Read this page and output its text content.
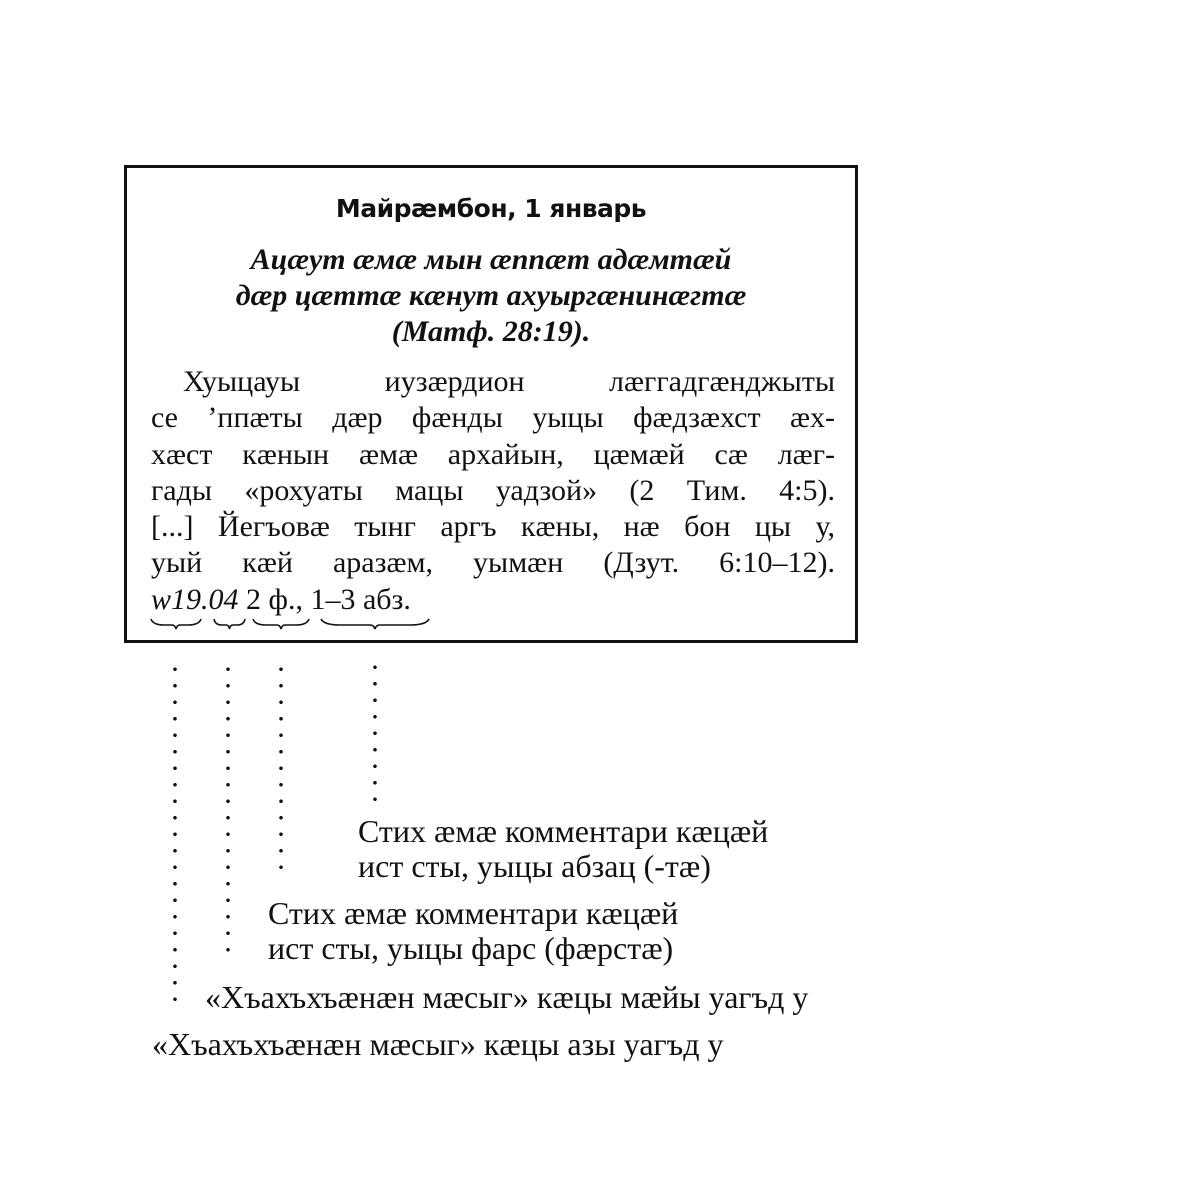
Майрæмбон, 1 январь
Ацæут æмæ мын æппæт адæмтæй
дæр цæттæ кæнут ахуыргæнинæгтæ
(Матф. 28:19).
Хуыцауы иузæрдион лæггадгæнджыты
се ’ппæты дæр фæнды уыцы фæдзæхст æх-
хæст кæнын æмæ архайын, цæмæй сæ лæг-
гады «рохуаты мацы уадзой» (2 Тим. 4:5).
[...] Йегъовæ тынг аргъ кæны, нæ бон цы у,
уый кæй аразæм, уымæн (Дзут. 6:10–12).
w19.04 2 ф., 1–3 абз.
Стих æмæ комментари кæцæй
ист сты, уыцы абзац (-тæ)
Стих æмæ комментари кæцæй
ист сты, уыцы фарс (фæрстæ)
«Хъахъхъæнæн мæсыг» кæцы мæйы уагъд у
«Хъахъхъæнæн мæсыг» кæцы азы уагъд у
